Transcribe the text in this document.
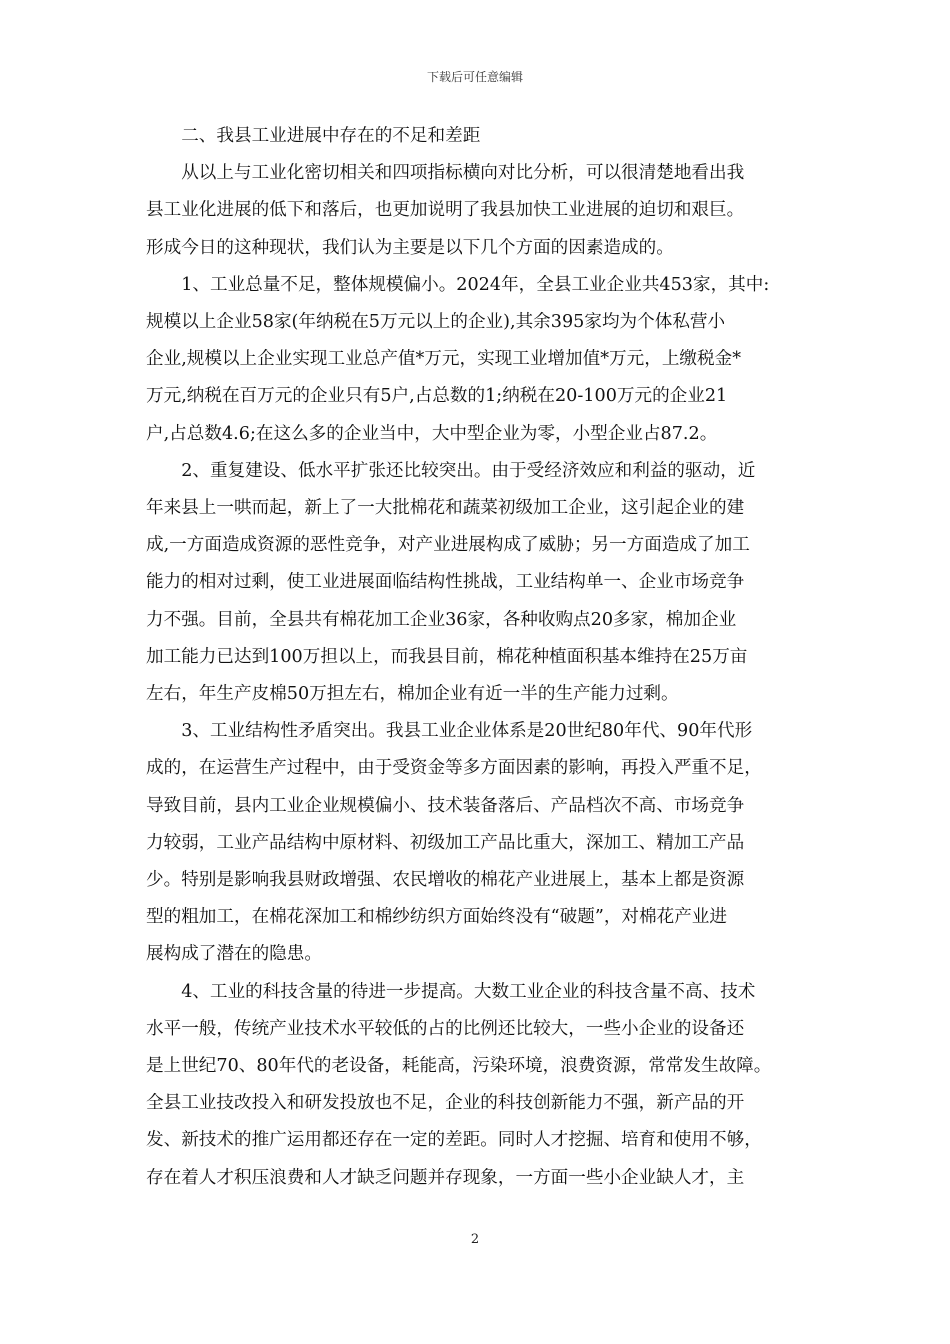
下载后可任意编辑

二、我县工业进展中存在的不足和差距

从以上与工业化密切相关和四项指标横向对比分析，可以很清楚地看出我
县工业化进展的低下和落后，也更加说明了我县加快工业进展的迫切和艰巨。
形成今日的这种现状，我们认为主要是以下几个方面的因素造成的。

1、工业总量不足，整体规模偏小。2024年，全县工业企业共453家，其中:
规模以上企业58家(年纳税在5万元以上的企业),其余395家均为个体私营小
企业,规模以上企业实现工业总产值*万元，实现工业增加值*万元，上缴税金*
万元,纳税在百万元的企业只有5户,占总数的1;纳税在20-100万元的企业21
户,占总数4.6;在这么多的企业当中，大中型企业为零，小型企业占87.2。

2、重复建设、低水平扩张还比较突出。由于受经济效应和利益的驱动，近
年来县上一哄而起，新上了一大批棉花和蔬菜初级加工企业，这引起企业的建
成,一方面造成资源的恶性竞争，对产业进展构成了威胁；另一方面造成了加工
能力的相对过剩，使工业进展面临结构性挑战，工业结构单一、企业市场竞争
力不强。目前，全县共有棉花加工企业36家，各种收购点20多家，棉加企业
加工能力已达到100万担以上，而我县目前，棉花种植面积基本维持在25万亩
左右，年生产皮棉50万担左右，棉加企业有近一半的生产能力过剩。

3、工业结构性矛盾突出。我县工业企业体系是20世纪80年代、90年代形
成的，在运营生产过程中，由于受资金等多方面因素的影响，再投入严重不足，
导致目前，县内工业企业规模偏小、技术装备落后、产品档次不高、市场竞争
力较弱，工业产品结构中原材料、初级加工产品比重大，深加工、精加工产品
少。特别是影响我县财政增强、农民增收的棉花产业进展上，基本上都是资源
型的粗加工，在棉花深加工和棉纱纺织方面始终没有“破题”，对棉花产业进
展构成了潜在的隐患。

4、工业的科技含量的待进一步提高。大数工业企业的科技含量不高、技术
水平一般，传统产业技术水平较低的占的比例还比较大，一些小企业的设备还
是上世纪70、80年代的老设备，耗能高，污染环境，浪费资源，常常发生故障。
全县工业技改投入和研发投放也不足，企业的科技创新能力不强，新产品的开
发、新技术的推广运用都还存在一定的差距。同时人才挖掘、培育和使用不够，
存在着人才积压浪费和人才缺乏问题并存现象，一方面一些小企业缺人才，主

2
